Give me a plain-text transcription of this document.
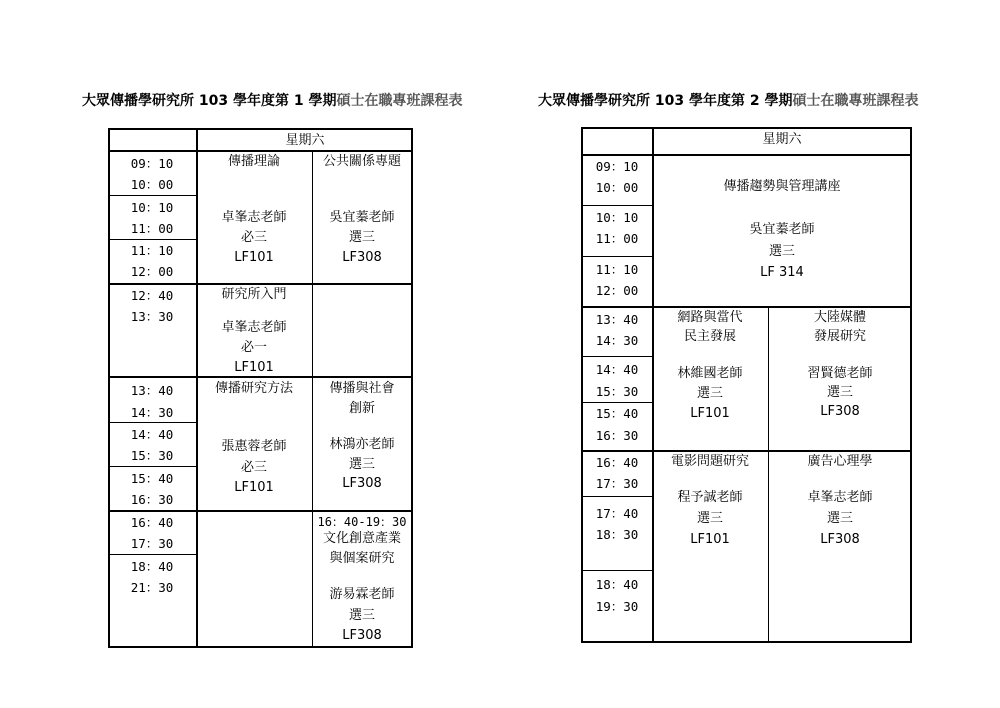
大眾傳播學研究所 103 學年度第 1 學期碩士在職專班課程表
星期六
09：10
10：00
10：10
11：00
11：10
12：00
12：40
13：30
13：40
14：30
14：40
15：30
15：40
16：30
16：40
17：30
18：40
21：30
傳播理論
卓峯志老師
必三
LF101
公共關係專題
吳宜蓁老師
選三
LF308
研究所入門
卓峯志老師
必一
LF101
傳播研究方法
張惠蓉老師
必三
LF101
傳播與社會
創新
林鴻亦老師
選三
LF308
16：40-19：30
文化創意產業
與個案研究
游易霖老師
選三
LF308
大眾傳播學研究所 103 學年度第 2 學期碩士在職專班課程表
星期六
09：10
10：00
10：10
11：00
11：10
12：00
13：40
14：30
14：40
15：30
15：40
16：30
16：40
17：30
17：40
18：30
18：40
19：30
傳播趨勢與管理講座
吳宜蓁老師
選三
LF 314
網路與當代
民主發展
林維國老師
選三
LF101
大陸媒體
發展研究
習賢德老師
選三
LF308
電影問題研究
程予誠老師
選三
LF101
廣告心理學
卓峯志老師
選三
LF308
